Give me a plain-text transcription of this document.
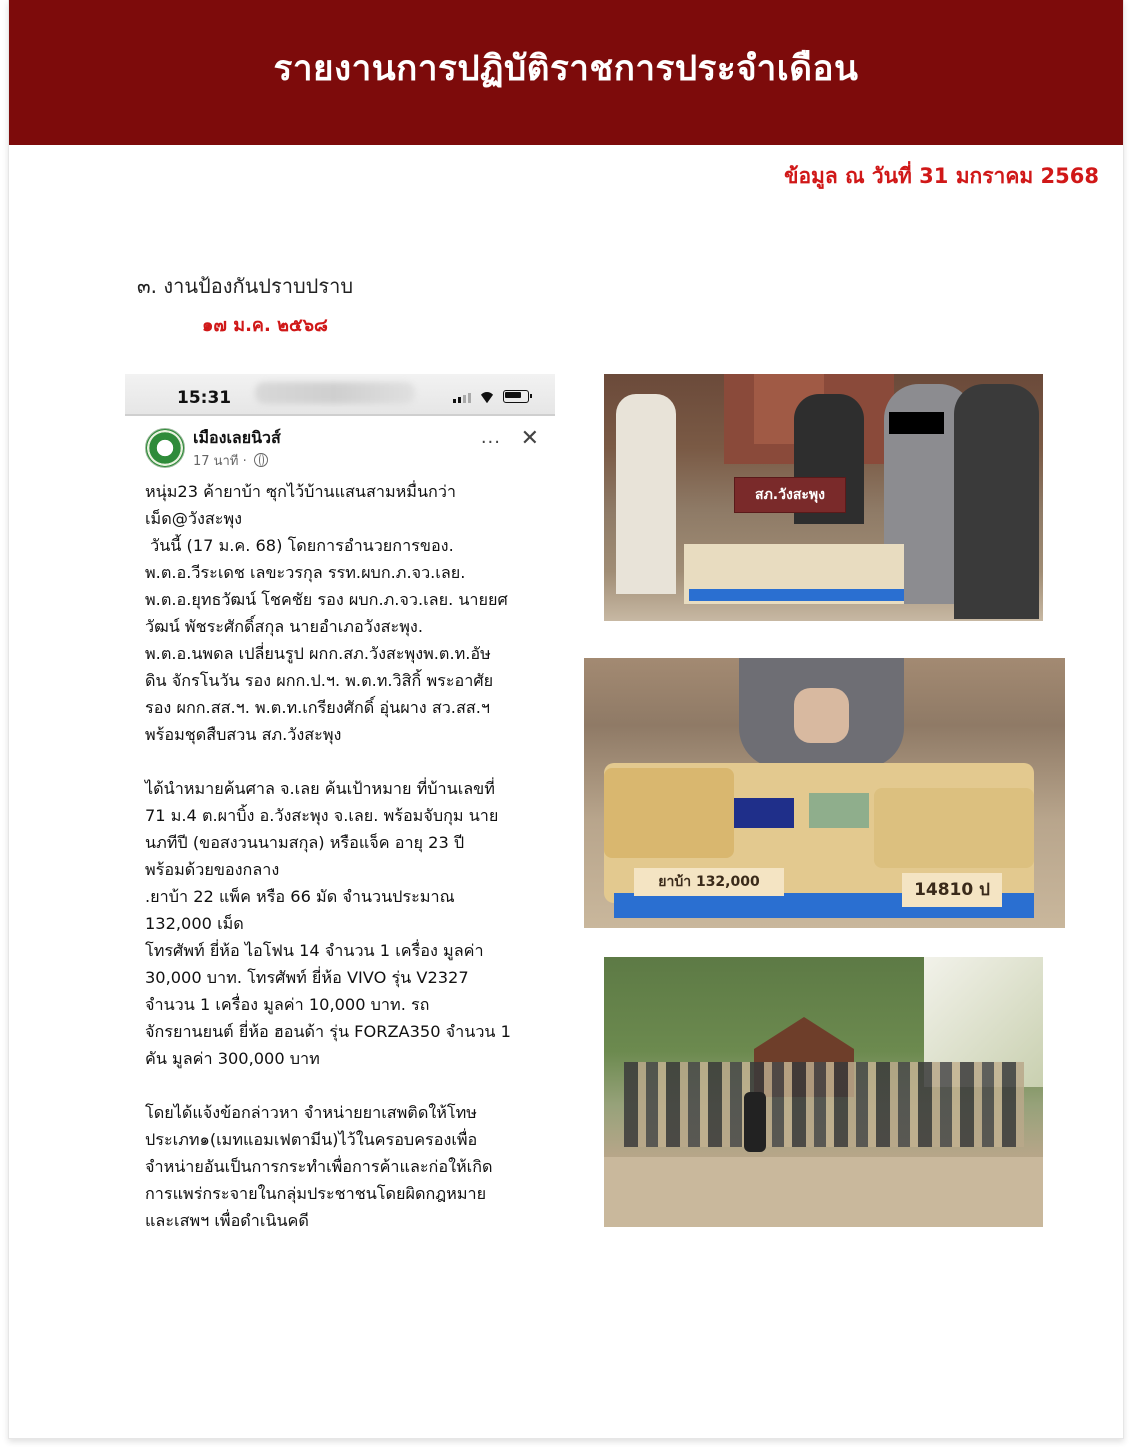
รายงานการปฏิบัติราชการประจำเดือน
ข้อมูล ณ วันที่ 31 มกราคม 2568
๓. งานป้องกันปราบปราบ
๑๗ ม.ค. ๒๕๖๘
15:31
เมืองเลยนิวส์
17 นาที ·
··· ✕

หนุ่ม23 ค้ายาบ้า ซุกไว้บ้านแสนสามหมื่นกว่า

เม็ด@วังสะพุง

วันนี้ (17 ม.ค. 68) โดยการอำนวยการของ.

พ.ต.อ.วีระเดช เลขะวรกุล รรท.ผบก.ภ.จว.เลย.

พ.ต.อ.ยุทธวัฒน์ โชคชัย รอง ผบก.ภ.จว.เลย. นายยศ

วัฒน์ พัชระศักดิ์สกุล นายอำเภอวังสะพุง.

พ.ต.อ.นพดล เปลี่ยนรูป ผกก.สภ.วังสะพุงพ.ต.ท.อัษ

ดิน จักรโนวัน รอง ผกก.ป.ฯ. พ.ต.ท.วิสิกิ้ พระอาศัย

รอง ผกก.สส.ฯ. พ.ต.ท.เกรียงศักดิ์ อุ่นผาง สว.สส.ฯ

พร้อมชุดสืบสวน สภ.วังสะพุง

ได้นำหมายค้นศาล จ.เลย ค้นเป้าหมาย ที่บ้านเลขที่

71 ม.4 ต.ผาบิ้ง อ.วังสะพุง จ.เลย. พร้อมจับกุม นาย

นภทีปี (ขอสงวนนามสกุล) หรือแจ็ค อายุ 23 ปี

พร้อมด้วยของกลาง

.ยาบ้า 22 แพ็ค หรือ 66 มัด จำนวนประมาณ

132,000 เม็ด

โทรศัพท์ ยี่ห้อ ไอโฟน 14 จำนวน 1 เครื่อง มูลค่า

30,000 บาท. โทรศัพท์ ยี่ห้อ VIVO รุ่น V2327

จำนวน 1 เครื่อง มูลค่า 10,000 บาท. รถ

จักรยานยนต์ ยี่ห้อ ฮอนด้า รุ่น FORZA350 จำนวน 1

คัน มูลค่า 300,000 บาท

โดยได้แจ้งข้อกล่าวหา จำหน่ายยาเสพติดให้โทษ

ประเภท๑(เมทแอมเฟตามีน)ไว้ในครอบครองเพื่อ

จำหน่ายอันเป็นการกระทำเพื่อการค้าและก่อให้เกิด

การแพร่กระจายในกลุ่มประชาชนโดยผิดกฎหมาย

และเสพฯ เพื่อดำเนินคดี

สภ.วังสะพุง
ยาบ้า 132,000	14810 ป
